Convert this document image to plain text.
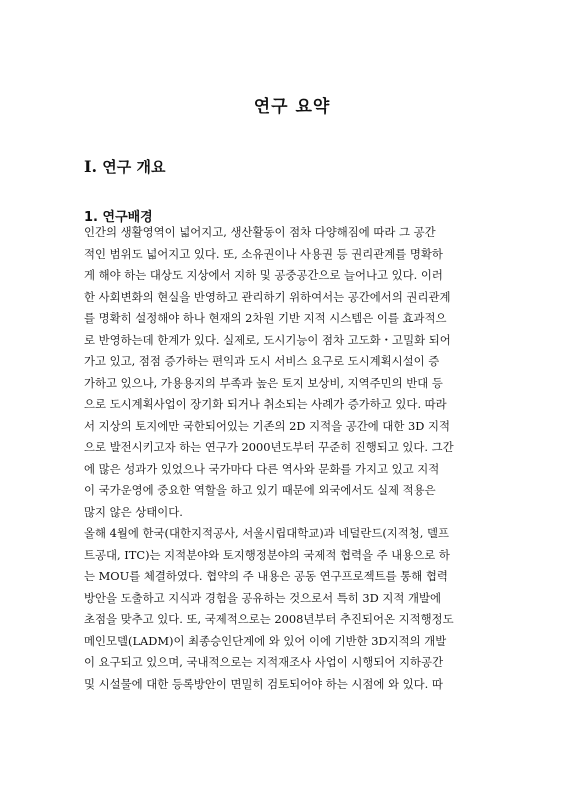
연구 요약
Ⅰ. 연구 개요
1. 연구배경
인간의 생활영역이 넓어지고, 생산활동이 점차 다양해짐에 따라 그 공간
적인 범위도 넓어지고 있다. 또, 소유권이나 사용권 등 권리관계를 명확하
게 해야 하는 대상도 지상에서 지하 및 공중공간으로 늘어나고 있다. 이러
한 사회변화의 현실을 반영하고 관리하기 위하여서는 공간에서의 권리관계
를 명확히 설정해야 하나 현재의 2차원 기반 지적 시스템은 이를 효과적으
로 반영하는데 한계가 있다. 실제로, 도시기능이 점차 고도화・고밀화 되어
가고 있고, 점점 증가하는 편익과 도시 서비스 요구로 도시계획시설이 증
가하고 있으나, 가용용지의 부족과 높은 토지 보상비, 지역주민의 반대 등
으로 도시계획사업이 장기화 되거나 취소되는 사례가 증가하고 있다. 따라
서 지상의 토지에만 국한되어있는 기존의 2D 지적을 공간에 대한 3D 지적
으로 발전시키고자 하는 연구가 2000년도부터 꾸준히 진행되고 있다. 그간
에 많은 성과가 있었으나 국가마다 다른 역사와 문화를 가지고 있고 지적
이 국가운영에 중요한 역할을 하고 있기 때문에 외국에서도 실제 적용은
많지 않은 상태이다.
올해 4월에 한국(대한지적공사, 서울시립대학교)과 네덜란드(지적청, 델프
트공대, ITC)는 지적분야와 토지행정분야의 국제적 협력을 주 내용으로 하
는 MOU를 체결하였다. 협약의 주 내용은 공동 연구프로젝트를 통해 협력
방안을 도출하고 지식과 경험을 공유하는 것으로서 특히 3D 지적 개발에
초점을 맞추고 있다. 또, 국제적으로는 2008년부터 추진되어온 지적행정도
메인모델(LADM)이 최종승인단계에 와 있어 이에 기반한 3D지적의 개발
이 요구되고 있으며, 국내적으로는 지적재조사 사업이 시행되어 지하공간
및 시설물에 대한 등록방안이 면밀히 검토되어야 하는 시점에 와 있다. 따
